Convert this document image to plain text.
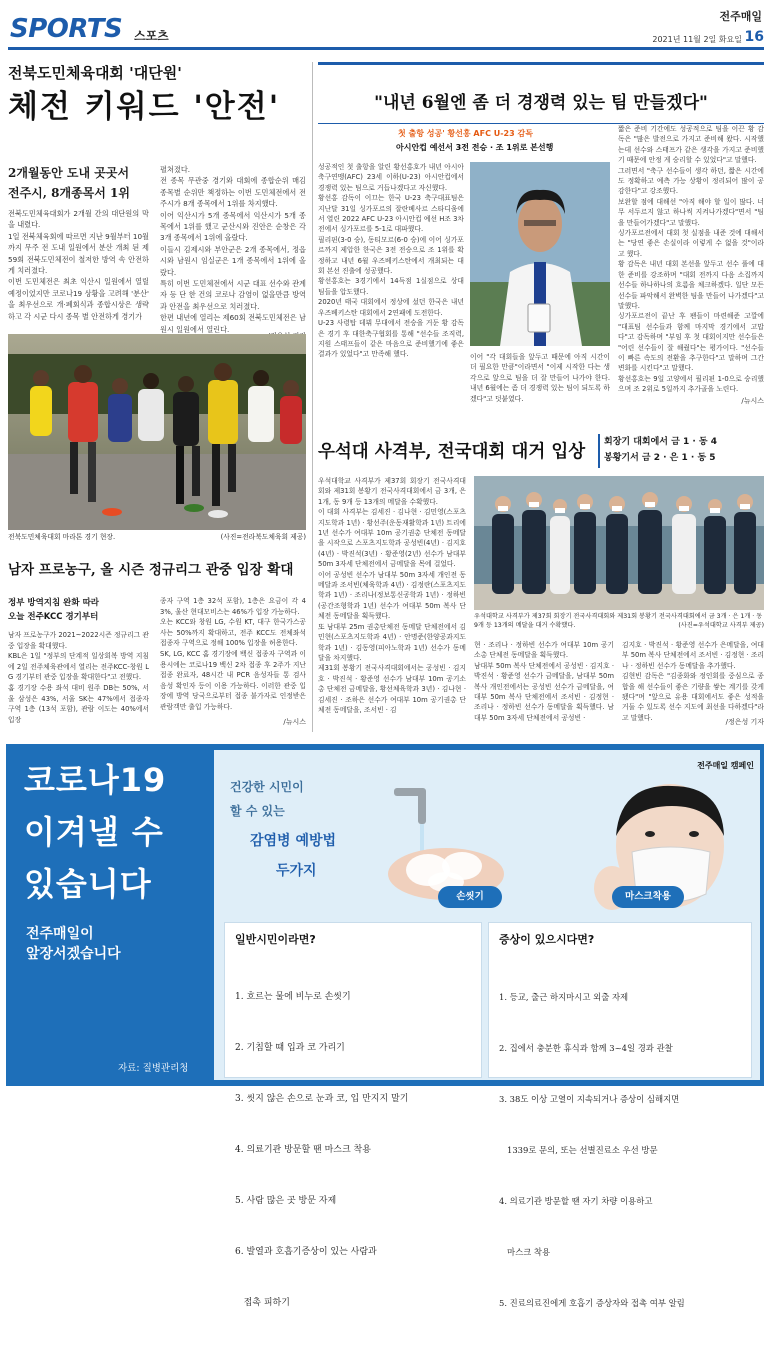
SPORTS 스포츠
전주매일
2021년 11월 2일 화요일 16
전북도민체육대회 '대단원'
체전 키워드 '안전'
2개월동안 도내 곳곳서
전주시, 8개종목서 1위
전북도민체육대회가 2개월 간의 대단원의 막을 내렸다.
1일 전북체육회에 따르면 지난 9월부터 10월까지 무주 전 도내 일원에서 분산 개최 된 제 59회 전북도민체전이 철저한 방역 속 안전하게 치러졌다.
이번 도민체전은 최초 익산시 일원에서 열릴 예정이었지만 코로나19 상황을 고려해 '분산' 을 최우선으로 개·폐회식과 종합시상은 생략하고 각 시군 다시 종목 별 안전하게 경기가
펼쳐졌다.
전 종목 무관중 경기와 대회에 종합순위 매김 종목별 순위만 책정하는 이번 도민체전에서 전주시가 8개 종목에서 1위를 차지했다.
이어 익산시가 5개 종목에서 익산시가 5개 종목에서 1위를 했고 군산시와 진안은 순창은 각 3개 종목에서 1위에 올랐다.
이들시 김제시와 부안군은 2개 종목에서, 정읍시와 남원시 임실군은 1개 종목에서 1위에 올랐다.
특히 이번 도민체전에서 시군 대표 선수와 관계자 등 단 한 건의 코로나 감염이 없을만큼 방역과 안전을 최우선으로 치러졌다.
한편 내년에 열리는 제60회 전북도민체전은 남원시 일원에서 열린다.
전북도민체육대회 마라톤 경기 현장.	(사진=전라북도체육회 제공)
남자 프로농구, 올 시즌 정규리그 관중 입장 확대
정부 방역지침 완화 따라
오늘 전주KCC 경기부터
남자 프로농구가 2021~2022시즌 정규리그 관중 입장을 확대했다.
KBL은 1일 "정부의 단계적 일상회복 방역 지침에 2일 전주체육관에서 열리는 전주KCC-창원 LG 경기부터 관중 입장을 확대한다"고 전했다.
홈 경기장 수용 좌석 대비 원주 DB는 50%, 서울 삼성은 43%, 서울 SK는 47%에서 접종자 구역 1층 (13석 포함), 관람 이도는 40%에서 입장
종자 구역 1층 32석 포함), 1층은 요금이 각 43%, 울산 현대모비스는 46%가 입장 가능하다.
오는 KCC와 창원 LG, 수원 KT, 대구 한국가스공사는 50%까지 확대하고, 전주 KCC도 전체좌석 접종자 구역으로 정해 100% 입장을 허용한다.
SK, LG, KCC 홈 경기장에 백신 접종자 구역과 이용시에는 코로나19 백신 2차 접종 후 2주가 지난 접종 완료자, 48시간 내 PCR 음성자들 통 검사 음성 확인자 등이 이용 가능하다. 이러한 관중 입장에 방역 당국으로부터 접종 불가자로 인정받은 관람객만 출입 가능하다.
/뉴시스
"내년 6월엔 좀 더 경쟁력 있는 팀 만들겠다"
첫 출항 성공' 황선홍 AFC U-23 감독
아시안컵 예선서 3전 전승 · 조 1위로 본선행
성공적인 첫 출항을 알린 황선홍호가 내년 아시아축구연맹(AFC) 23세 이하(U-23) 아시안컵에서 경쟁력 있는 팀으로 거듭나겠다고 자신했다.
황선홍 감독이 이끄는 한국 U-23 축구대표팀은 지난달 31일 싱가포르의 잘란베사르 스타디움에서 열린 2022 AFC U-23 아시안컵 예선 H조 3차전에서 싱가포르를 5-1로 대파했다.
필리핀(3-0 승), 동티모르(6-0 승)에 이어 싱가포르까지 제압한 한국은 3전 전승으로 조 1위를 확정하고 내년 6월 우즈베키스탄에서 개최되는 대회 본선 진출에 성공했다.
황선홍호는 3경기에서 14득점 1실점으로 상대 팀들을 압도했다.
2020년 태국 대회에서 정상에 섰던 한국은 내년 우즈베키스탄 대회에서 2연패에 도전한다.
U-23 사령탑 데뷔 무대에서 전승을 거둔 황 감독은 경기 후 대한축구협회를 통해 "선수들 조직력, 지원 스태프들이 같은 마음으로 준비했기에 좋은 결과가 있었다"고 만족해 했다.	이어 "각 대회들을 앞두고 때문에 아직 시간이 더 필요한 만큼"이라면서 "이제 시작한 다는 생각으로 앞으로 팀을 더 잘 만들어 나가야 한다. 내년 6월에는 좀 더 경쟁력 있는 팀이 되도록 하겠다"고 덧붙였다.
짧은 준비 기간에도 성공적으로 팀을 이끈 황 감독은 "많은 발전으로 가지고 준비해 왔다. 시작했는데 선수와 스태프가 같은 생각을 가지고 준비했기 때문에 안정 게 승리할 수 있었다"고 말했다.
그러면서 "축구 선수들이 생각 하던, 짧은 시간에도 정확하고 예측 가능 상황이 정리되어 많이 공감한다"고 강조했다.
보완할 점에 대해선 "아직 해야 할 일이 많다. 너무 서두르지 않고 하나씩 지켜나가겠다"면서 "팀을 만들어가겠다"고 말했다.
싱가포르전에서 대회 첫 실점을 내준 것에 대해서는 "당연 좋은 손실이라 이렇게 수 없을 것"이라고 했다.
황 감독은 내년 대회 본선을 앞두고 선수 풀에 대한 준비를 강조하며 "대회 전까지 다음 소집까지 선수들 하나하나의 흐름을 체크하겠다. 일단 모든 선수들 파악해서 완벽한 팀을 만들어 나가겠다"고 말했다.
싱가포르전이 끝난 후 팬들이 마련해준 고깔에 "대표팀 선수들과 함께 마지막 경기에서 고맙다"고 감독하며 "부임 후 첫 대회이지만 선수들은 "어린 선수들이 잘 해줬다"는 평가이다. "선수들이 빠른 속도의 전환을 추구한다"고 말하며 그간 변화를 시킨다"고 말했다.
황선홍호는 9일 고양에서 필리핀 1-0으로 승리했으며 조 2위로 5일까지 추가골을 노린다.
/뉴시스
우석대 사격부, 전국대회 대거 입상 회장기 대회에서 금 1 · 동 4
봉황기서 금 2 · 은 1 · 동 5
우석대학교 사격부가 제37회 회장기 전국사격대회와 제31회 봉황기 전국사격대회에서 금 3개, 은 1개, 동 9개 등 13개의 메달을 수확했다.
이 대회 사격부는 김세진 · 김나현 · 김민영(스포츠지도학과 1년) · 황선주(운동재활학과 1년) 트리에 1년 선수가 여대부 10m 공기권총 단체전 동메달을 시작으로 스포츠지도학과 공성빈(4년) · 김지호(4년) · 박진석(3년) · 황준영(2년) 선수가 남대부 50m 3자세 단체전에서 금메달을 목에 걸었다.
이어 공성빈 선수가 남대부 50m 3자세 개인전 동메달과 조서빈(체육학과 4년) · 김정란(스포츠지도학과 1년) · 조리나(정보통신공학과 1년) · 정하빈(공간조형학과 1년) 선수가 여대부 50m 복사 단체전 동메달을 획득했다.
또 남대부 25m 권총단체전 동메달 단체전에서 김민현(스포츠지도학과 4년) · 안명준(한양공과지도학과 1년) · 김동영(피아노학과 1년) 선수가 동메달을 차지했다.
제31회 봉황기 전국사격대회에서는 공성빈 · 김지호 · 박진석 · 황준영 선수가 남대부 10m 공기소총 단체전 금메달을, 황선체육학과 3년) · 김나현 · 김세진 · 조하은 선수가 여대부 10m 공기권총 단체전 동메달을, 조서빈 · 김
우석대학교 사격부가 제37회 회장기 전국사격대회와 제31회 봉황기 전국사격대회에서 금 3개 · 은 1개 · 동 9개 등 13개의 메달을 대거 수확했다.	(사진=우석대학교 사격부 제공)
현 · 조리나 · 정하빈 선수가 여대부 10m 공기소총 단체전 동메달을 획득했다.
남대부 50m 복사 단체전에서 공성빈 · 김지호 · 박진석 · 황준영 선수가 금메달을, 남대부 50m 복사 개인전에서는 공성빈 선수가 금메달을, 여대부 50m 복사 단체전에서 조서빈 · 김정현 · 조리나 · 정하빈 선수가 동메달을 획득했다. 남대부 50m 3자세 단체전에서 공성빈 ·
김지호 · 박진석 · 황준영 선수가 은메달을, 여대부 50m 복사 단체전에서 조서빈 · 김정현 · 조리나 · 정하빈 선수가 동메달을 추가했다.
김현빈 감독은 "김종화와 정인회를 중심으로 종합을 해 선수들이 좋은 기량을 쌓는 계기를 갖게 됐다"며 "앞으로 유용 대회에서도 좋은 성적을 거둘 수 있도록 선수 지도에 최선을 다하겠다"라고 말했다.
/정은성 기자
코로나19
이겨낼 수
있습니다
전주매일이
앞장서겠습니다
자료: 질병관리청
전주매일 캠페인
건강한 시민이
할 수 있는
감염병 예방법
두가지
손씻기	마스크착용
일반시민이라면?

1. 흐르는 물에 비누로 손씻기

2. 기침할 때 입과 코 가리기

3. 씻지 않은 손으로 눈과 코, 입 만지지 말기

4. 의료기관 방문할 땐 마스크 착용

5. 사람 많은 곳 방문 자제

6. 발열과 호흡기증상이 있는 사람과

접촉 피하기

증상이 있으시다면?

1. 등교, 출근 하지마시고 외출 자제

2. 집에서 충분한 휴식과 함께 3~4일 경과 관찰

3. 38도 이상 고열이 지속되거나 증상이 심해지면

1339로 문의, 또는 선별진료소 우선 방문

4. 의료기관 방문할 땐 자기 차량 이용하고

마스크 착용

5. 진료의료진에게 호흡기 증상자와 접촉 여부 알림
